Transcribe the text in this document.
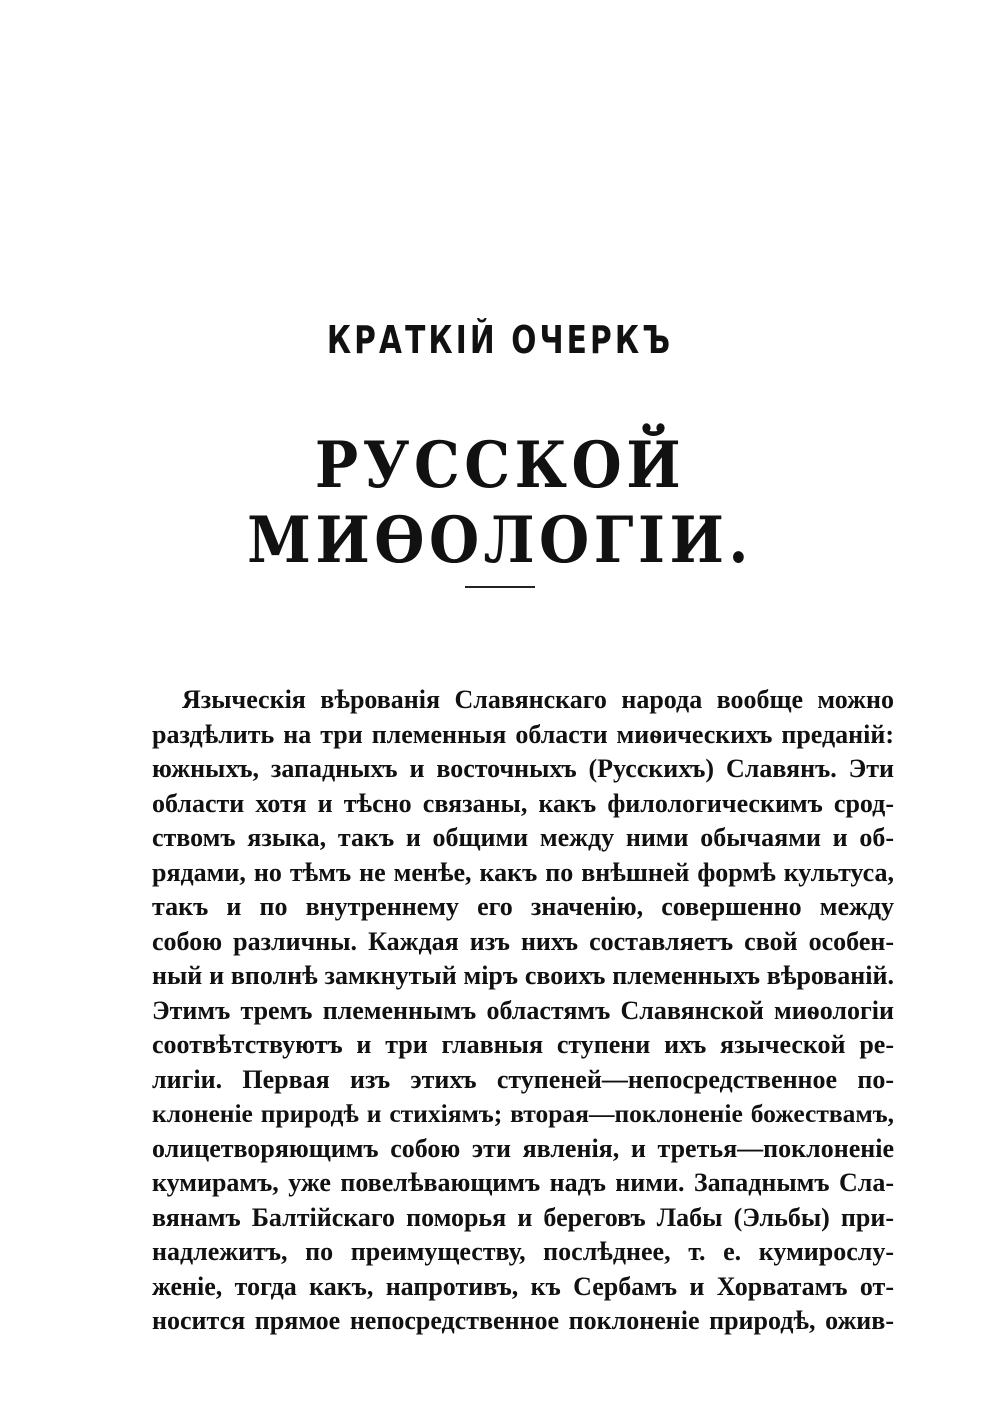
КРАТКІЙ ОЧЕРКЪ
РУССКОЙ МИѲОЛОГІИ.
Языческія вѣрованія Славянскаго народа вообще можно
раздѣлить на три племенныя области миѳическихъ преданій:
южныхъ, западныхъ и восточныхъ (Русскихъ) Славянъ. Эти
области хотя и тѣсно связаны, какъ филологическимъ срод-
ствомъ языка, такъ и общими между ними обычаями и об-
рядами, но тѣмъ не менѣе, какъ по внѣшней формѣ культуса,
такъ и по внутреннему его значенію, совершенно между
собою различны. Каждая изъ нихъ составляетъ свой особен-
ный и вполнѣ замкнутый міръ своихъ племенныхъ вѣрованій.
Этимъ тремъ племеннымъ областямъ Славянской миѳологіи
соотвѣтствуютъ и три главныя ступени ихъ языческой ре-
лигіи. Первая изъ этихъ ступеней—непосредственное по-
клоненіе природѣ и стихіямъ; вторая—поклоненіе божествамъ,
олицетворяющимъ собою эти явленія, и третья—поклоненіе
кумирамъ, уже повелѣвающимъ надъ ними. Западнымъ Сла-
вянамъ Балтійскаго поморья и береговъ Лабы (Эльбы) при-
надлежитъ, по преимуществу, послѣднее, т. е. кумирослу-
женіе, тогда какъ, напротивъ, къ Сербамъ и Хорватамъ от-
носится прямое непосредственное поклоненіе природѣ, ожив-
